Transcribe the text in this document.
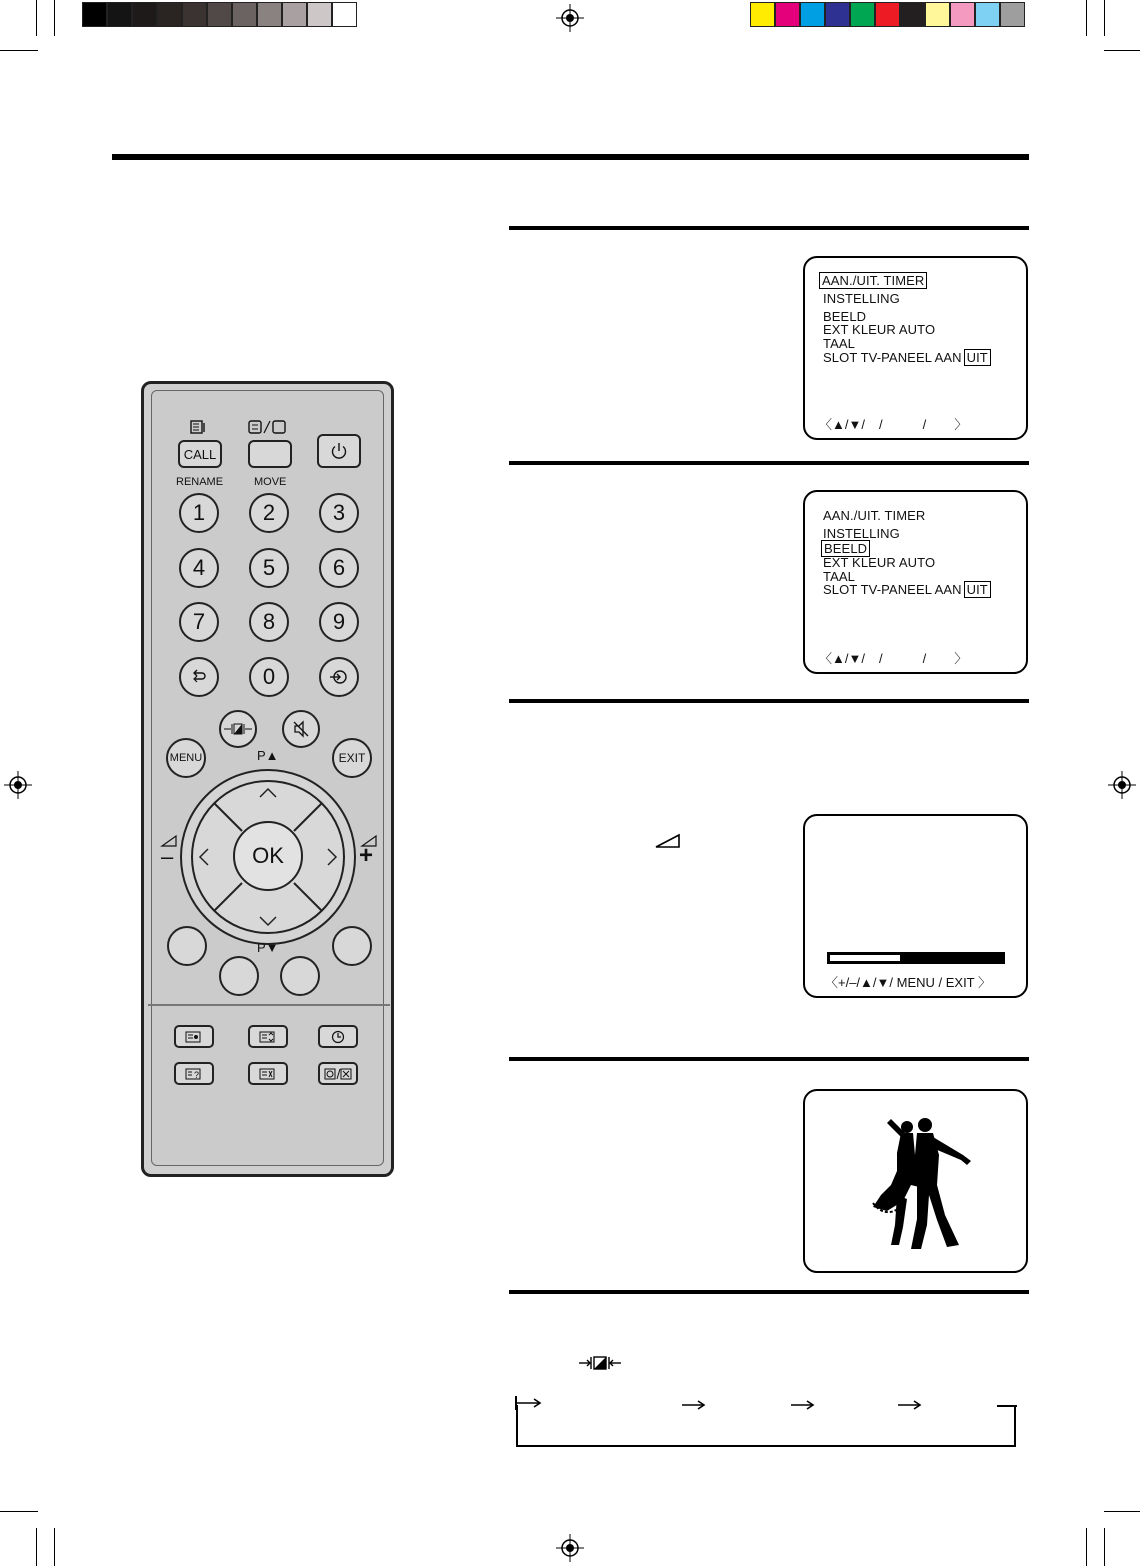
AAN./UIT. TIMER
INSTELLING
BEELD
EXT KLEUR AUTO
TAAL
SLOT TV-PANEEL AAN UIT
〈▲/▼/ /	/ 〉
AAN./UIT. TIMER
INSTELLING
BEELD
EXT KLEUR AUTO
TAAL
SLOT TV-PANEEL AAN UIT
〈▲/▼/ /	/ 〉
〈+/–/▲/▼/ MENU / EXIT 〉
CALL
RENAME	MOVE
1	2	3
4	5	6
7	8	9
0
MENU	EXIT
P▲
OK
–	+
P▼
?
